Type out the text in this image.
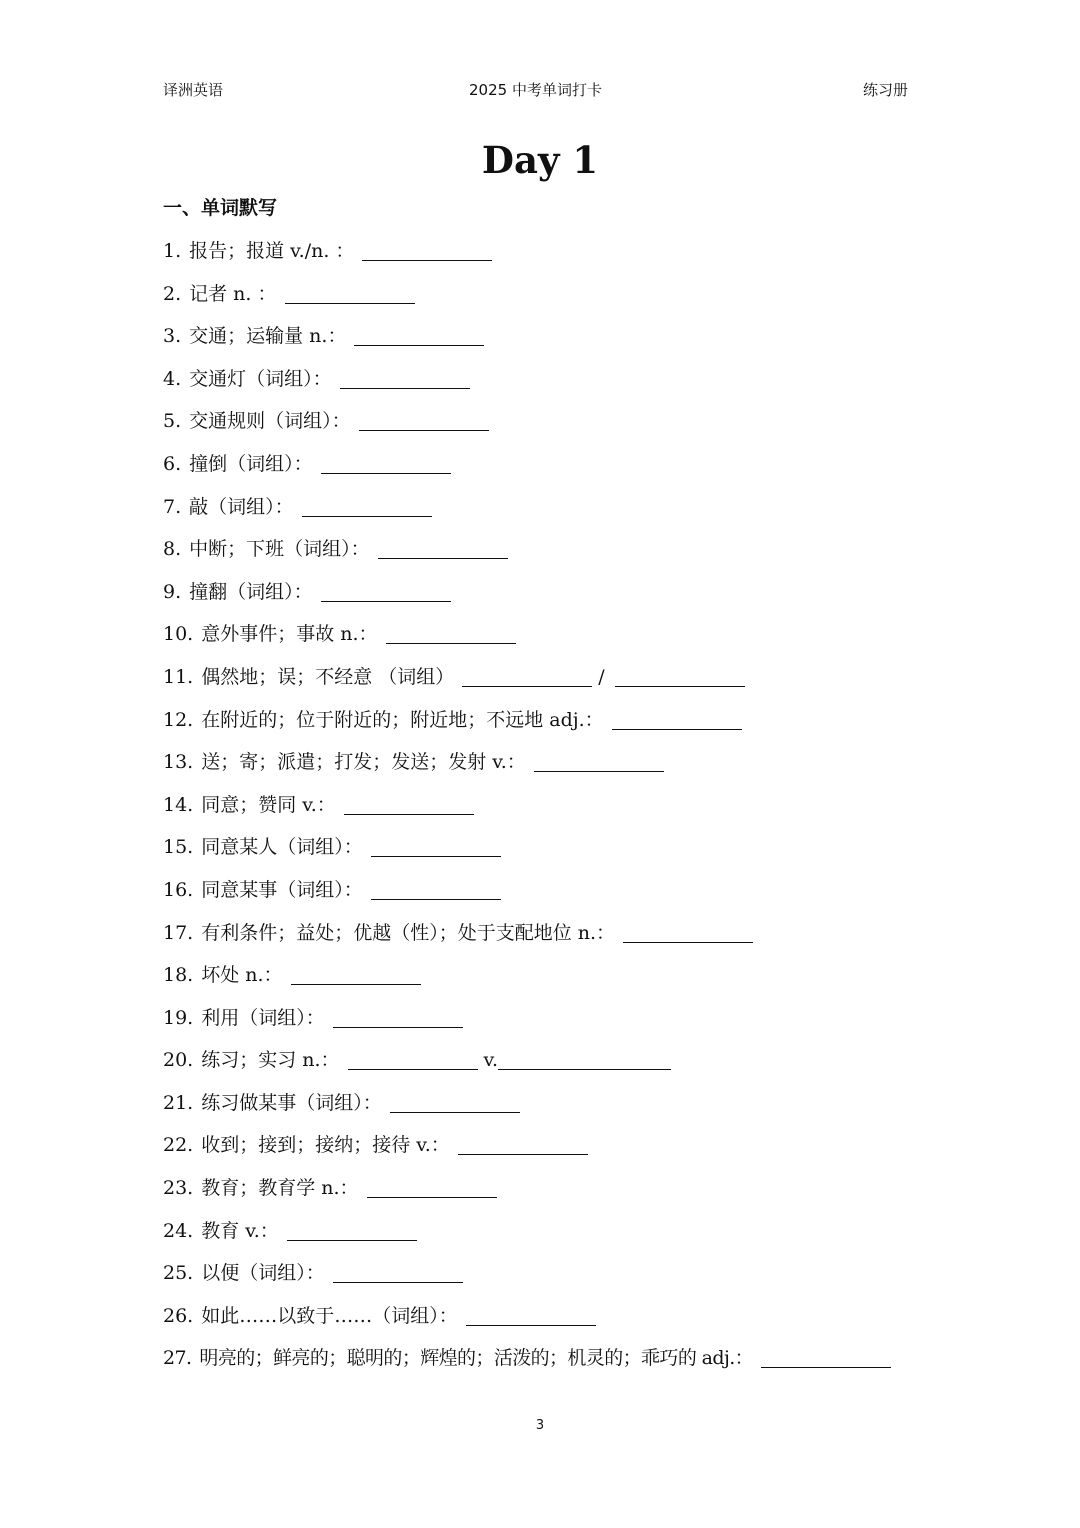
译洲英语	2025 中考单词打卡	练习册
Day 1
一、单词默写
1. 报告；报道 v./n. ：
2. 记者 n. ：
3. 交通；运输量 n.：
4. 交通灯（词组）：
5. 交通规则（词组）：
6. 撞倒（词组）：
7. 敲（词组）：
8. 中断；下班（词组）：
9. 撞翻（词组）：
10. 意外事件；事故 n.：
11. 偶然地；误；不经意 （词组）	/
12. 在附近的；位于附近的；附近地；不远地 adj.：
13. 送；寄；派遣；打发；发送；发射 v.：
14. 同意；赞同 v.：
15. 同意某人（词组）：
16. 同意某事（词组）：
17. 有利条件；益处；优越（性）；处于支配地位 n.：
18. 坏处 n.：
19. 利用（词组）：
20. 练习；实习 n.：	v.
21. 练习做某事（词组）：
22. 收到；接到；接纳；接待 v.：
23. 教育；教育学 n.：
24. 教育 v.：
25. 以便（词组）：
26. 如此……以致于……（词组）：
27. 明亮的；鲜亮的；聪明的；辉煌的；活泼的；机灵的；乖巧的 adj.：
3
